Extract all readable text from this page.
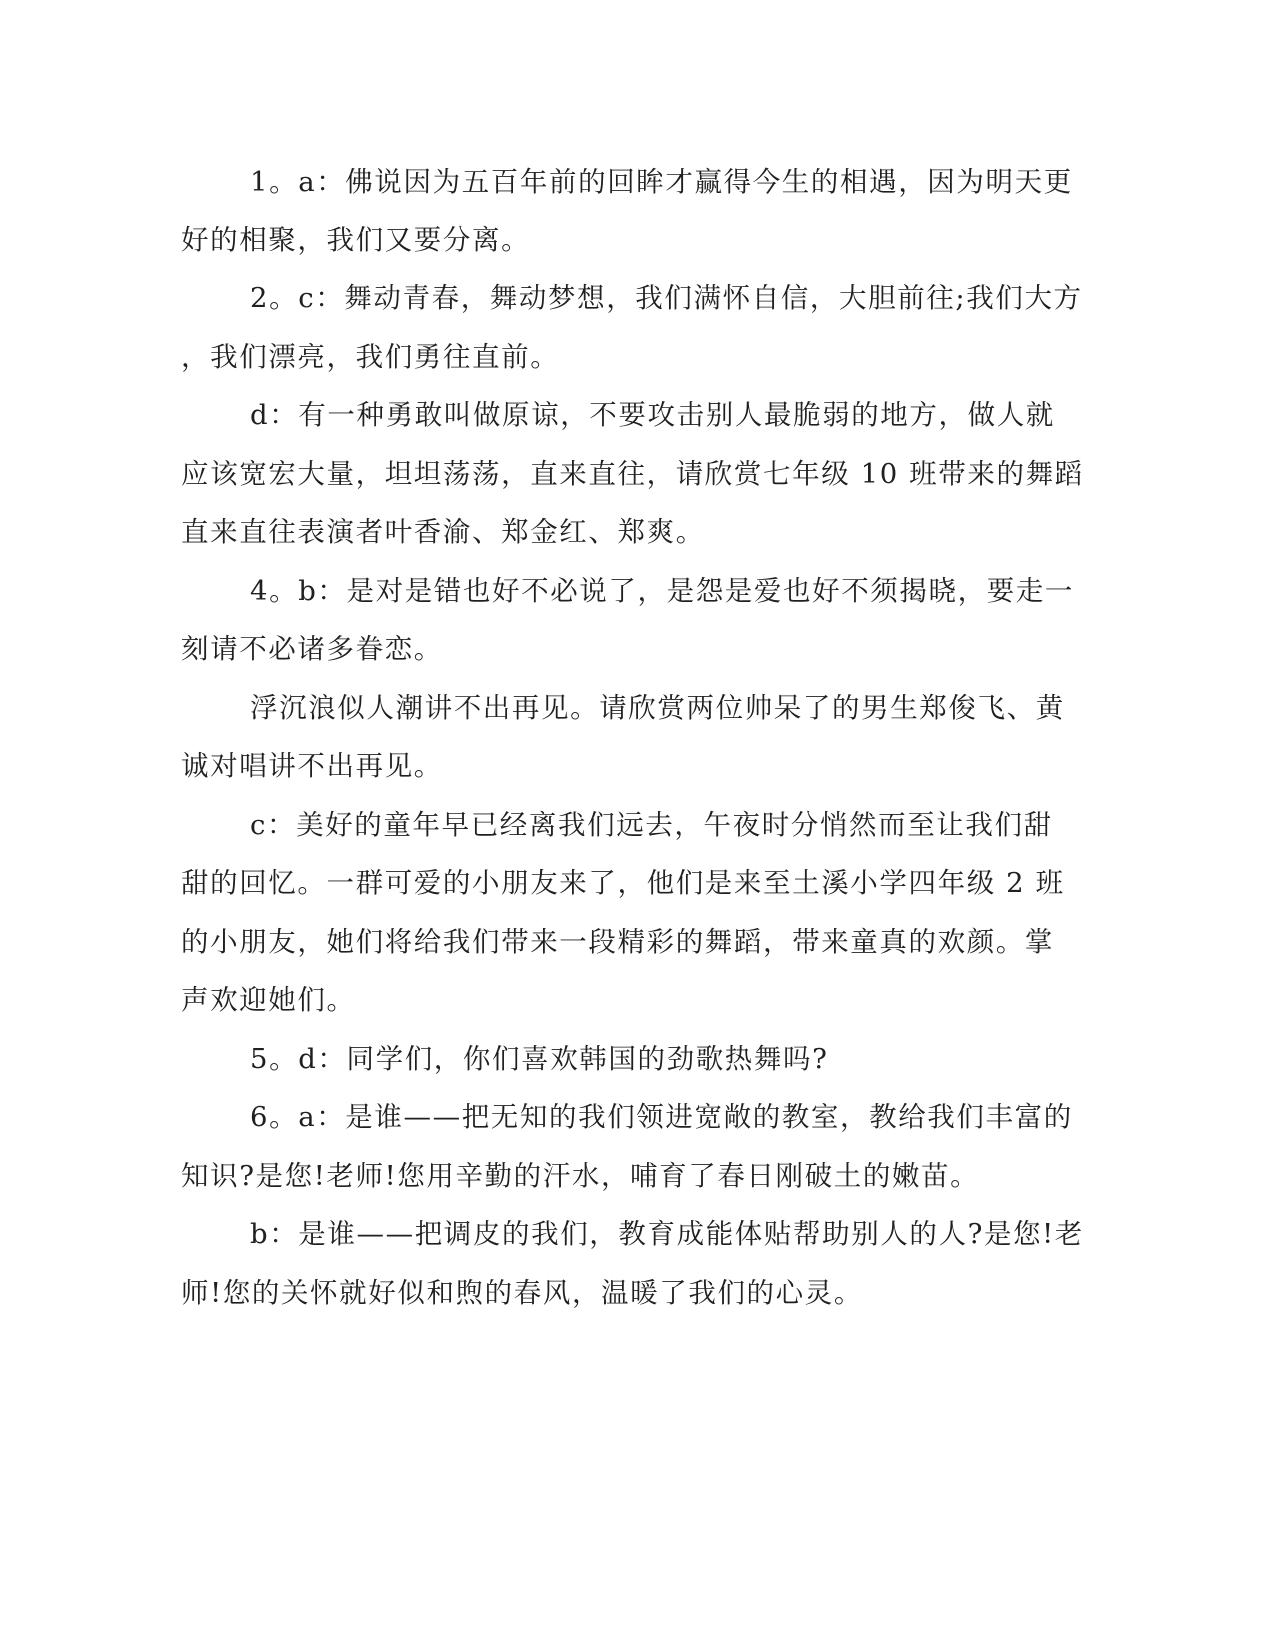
1。a：佛说因为五百年前的回眸才赢得今生的相遇，因为明天更

好的相聚，我们又要分离。

2。c：舞动青春，舞动梦想，我们满怀自信，大胆前往;我们大方

，我们漂亮，我们勇往直前。

d：有一种勇敢叫做原谅，不要攻击别人最脆弱的地方，做人就

应该宽宏大量，坦坦荡荡，直来直往，请欣赏七年级 10 班带来的舞蹈

直来直往表演者叶香渝、郑金红、郑爽。

4。b：是对是错也好不必说了，是怨是爱也好不须揭晓，要走一

刻请不必诸多眷恋。

浮沉浪似人潮讲不出再见。请欣赏两位帅呆了的男生郑俊飞、黄

诚对唱讲不出再见。

c：美好的童年早已经离我们远去，午夜时分悄然而至让我们甜

甜的回忆。一群可爱的小朋友来了，他们是来至土溪小学四年级 2 班

的小朋友，她们将给我们带来一段精彩的舞蹈，带来童真的欢颜。掌

声欢迎她们。

5。d：同学们，你们喜欢韩国的劲歌热舞吗?

6。a：是谁——把无知的我们领进宽敞的教室，教给我们丰富的

知识?是您!老师!您用辛勤的汗水，哺育了春日刚破土的嫩苗。

b：是谁——把调皮的我们，教育成能体贴帮助别人的人?是您!老

师!您的关怀就好似和煦的春风，温暖了我们的心灵。
